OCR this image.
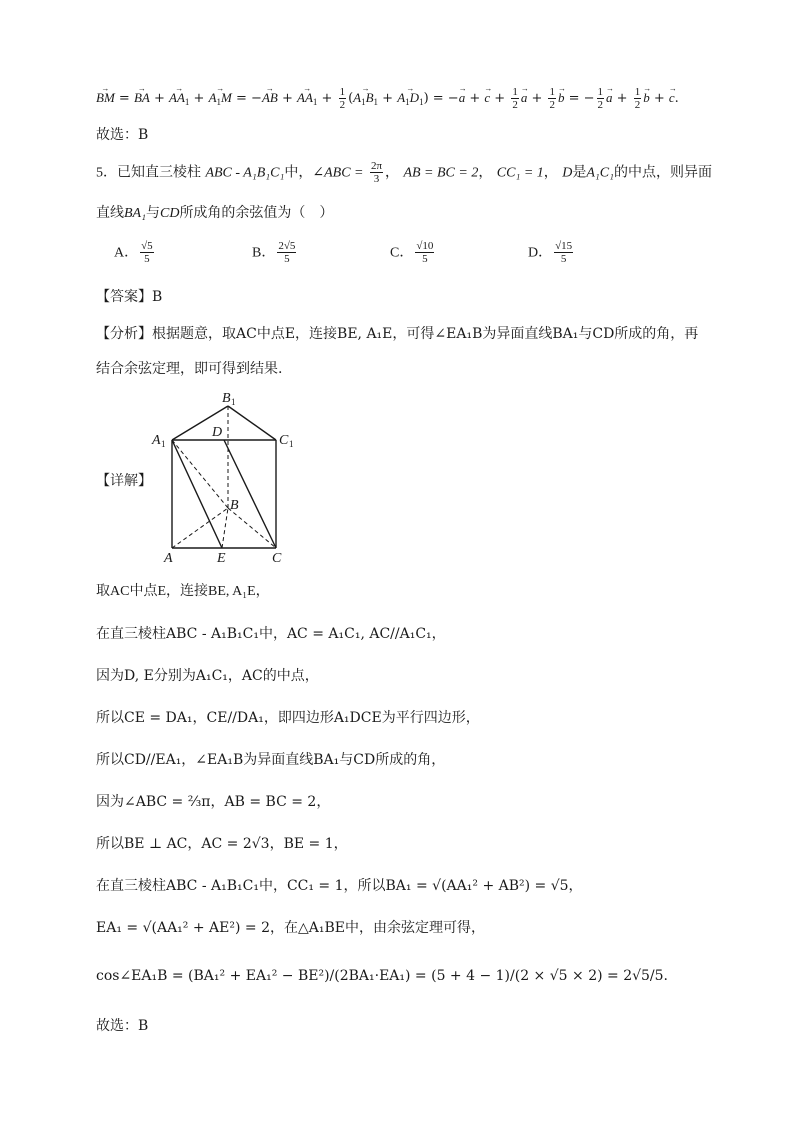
→ BM = → BA + → $AA_1$ + → $A_1M$ = −→ AB + → $AA_1 + \frac{1}{2}$ (→ $A_1B_1$ + → $A_1D_1$) = −→ a + → $c + \frac{1}{2}$
→ $a + \frac{1}{2}$
→ b = − $\frac{1}{2}$
→ $a + \frac{1}{2}$
→ b + → c.
故选：B
5．已知直三棱柱 ABC - A₁B₁C₁中，∠ABC = $\frac{2\pi}{3}$ ， AB = BC = 2， CC₁ = 1， D是A₁C₁的中点，则异面
直线BA₁与CD所成角的余弦值为（　）
A． $\frac{√5}{5}$	B． $\frac{2√5}{5}$	C． $\frac{√10}{5}$	D． $\frac{√15}{5}$
【答案】B
【分析】根据题意，取AC中点E，连接BE, A₁E，可得∠EA₁B为异面直线BA₁与CD所成的角，再
结合余弦定理，即可得到结果.
【详解】
B 1
A 1
D
C 1
B
A	E	C
取AC中点E，连接BE, A₁E，
在直三棱柱ABC - A₁B₁C₁中，AC = A₁C₁, AC//A₁C₁，
因为D, E分别为A₁C₁，AC的中点，
所以CE = DA₁，CE//DA₁，即四边形A₁DCE为平行四边形，
所以CD//EA₁，∠EA₁B为异面直线BA₁与CD所成的角，
因为∠ABC = ⅔π，AB = BC = 2，
所以BE ⊥ AC，AC = 2√3，BE = 1，
在直三棱柱ABC - A₁B₁C₁中，CC₁ = 1，所以BA₁ = √(AA₁² + AB²) = √5，
EA₁ = √(AA₁² + AE²) = 2，在△A₁BE中，由余弦定理可得，
cos∠EA₁B = (BA₁² + EA₁² − BE²)/(2BA₁·EA₁) = (5 + 4 − 1)/(2 × √5 × 2) = 2√5/5.
故选：B
